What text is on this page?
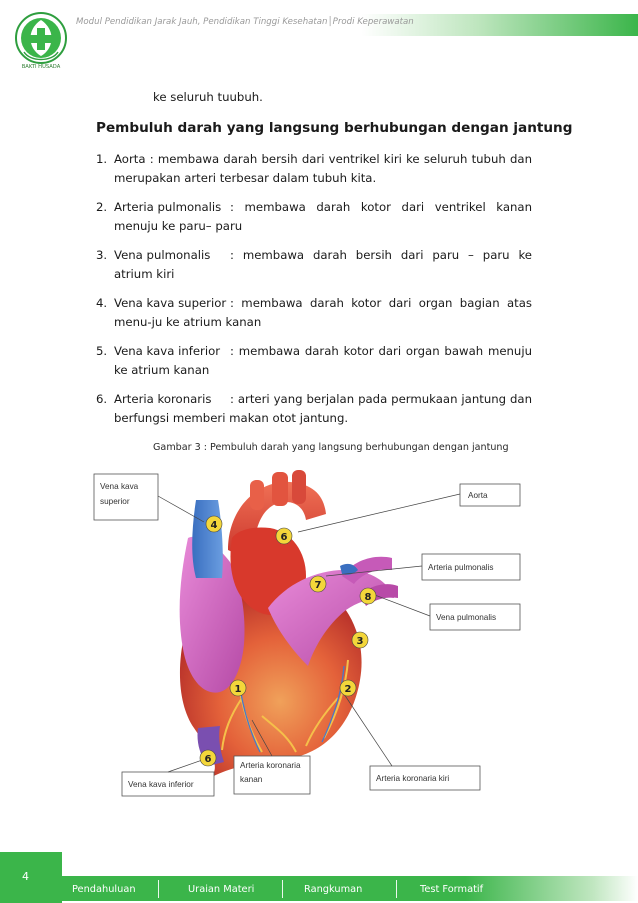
Modul Pendidikan Jarak Jauh, Pendidikan Tinggi Kesehatan│Prodi Keperawatan
BAKTI HUSADA
ke seluruh tuubuh.
Pembuluh darah yang langsung berhubungan dengan jantung
1. Aorta : membawa darah bersih dari ventrikel kiri ke seluruh tubuh dan merupakan arteri terbesar dalam tubuh kita.
2. Arteria pulmonalis : membawa darah kotor dari ventrikel kanan menuju ke paru– paru
3. Vena pulmonalis : membawa darah bersih dari paru – paru ke atrium kiri
4. Vena kava superior : membawa darah kotor dari organ bagian atas menu-ju ke atrium kanan
5. Vena kava inferior : membawa darah kotor dari organ bawah menuju ke atrium kanan
6. Arteria koronaris : arteri yang berjalan pada permukaan jantung dan berfungsi memberi makan otot jantung.
Gambar 3 : Pembuluh darah yang langsung berhubungan dengan jantung
Vena kava
superior
Aorta
Arteria pulmonalis
Vena pulmonalis
Arteria koronaria
kanan	Arteria koronaria kiri
Vena kava inferior
4
6
7
8
3
1	2
6
4
Pendahuluan	Uraian Materi	Rangkuman	Test Formatif
